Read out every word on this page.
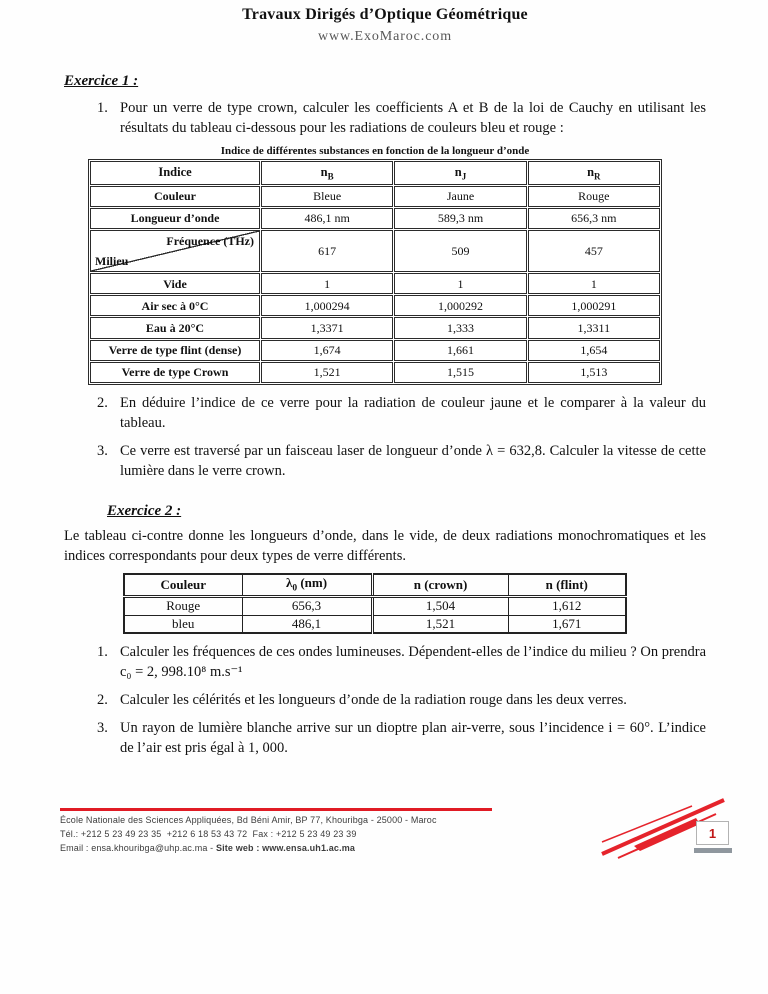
Travaux Dirigés d’Optique Géométrique
www.ExoMaroc.com
Exercice 1 :
1. Pour un verre de type crown, calculer les coefficients A et B de la loi de Cauchy en utilisant les résultats du tableau ci-dessous pour les radiations de couleurs bleu et rouge :
Indice de différentes substances en fonction de la longueur d’onde
Indice	$n_B$	$n_J$	$n_R$
Couleur	Bleue	Jaune	Rouge
Longueur d’onde	486,1 nm	589,3 nm	656,3 nm

Fréquence (THz)
Milieu	617	509	457
Vide	1	1	1
Air sec à 0°C	1,000294	1,000292	1,000291
Eau à 20°C	1,3371	1,333	1,3311
Verre de type flint (dense)	1,674	1,661	1,654
Verre de type Crown	1,521	1,515	1,513
2. En déduire l’indice de ce verre pour la radiation de couleur jaune et le comparer à la valeur du tableau.
3. Ce verre est traversé par un faisceau laser de longueur d’onde λ = 632,8. Calculer la vitesse de cette lumière dans le verre crown.
Exercice 2 :
Le tableau ci-contre donne les longueurs d’onde, dans le vide, de deux radiations monochromatiques et les indices correspondants pour deux types de verre différents.
Couleur	$\lambda_0$ (nm)	n (crown)	n (flint)
Rouge	656,3	1,504	1,612
bleu	486,1	1,521	1,671
1. Calculer les fréquences de ces ondes lumineuses. Dépendent-elles de l’indice du milieu ? On prendra c₀ = 2, 998.10⁸ m.s⁻¹
2. Calculer les célérités et les longueurs d’onde de la radiation rouge dans les deux verres.
3. Un rayon de lumière blanche arrive sur un dioptre plan air-verre, sous l’incidence i = 60°. L’indice de l’air est pris égal à 1, 000.
École Nationale des Sciences Appliquées, Bd Béni Amir, BP 77, Khouribga - 25000 - Maroc
Tél.: +212 5 23 49 23 35  +212 6 18 53 43 72  Fax : +212 5 23 49 23 39
Email : ensa.khouribga@uhp.ac.ma - Site web : www.ensa.uh1.ac.ma
1
